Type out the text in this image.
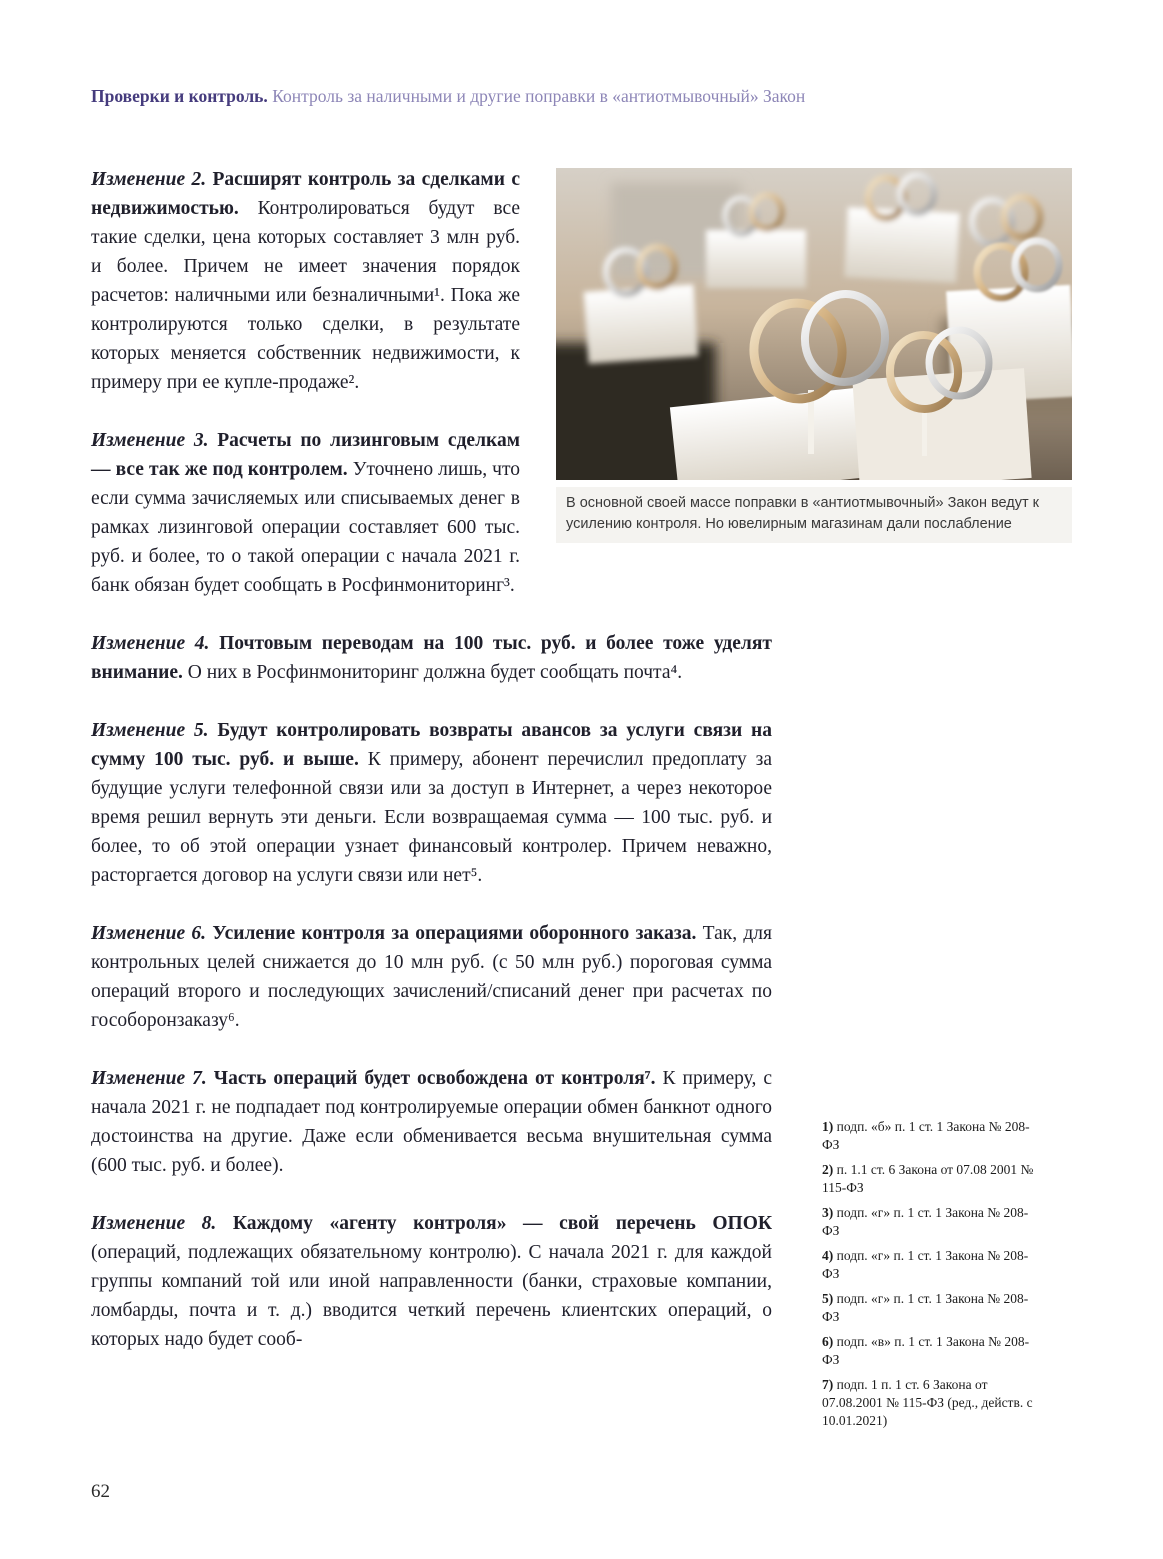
Проверки и контроль. Контроль за наличными и другие поправки в «антиотмывочный» Закон
В основной своей массе поправки в «антиотмывочный» Закон ведут к усилению контроля. Но ювелирным магазинам дали послабление

Изменение 2. Расширят контроль за сделками с недвижимостью. Контролироваться будут все такие сделки, цена которых составляет 3 млн руб. и более. Причем не имеет значения порядок расчетов: наличными или безналичными¹. Пока же контролируются только сделки, в результате которых меняется собственник недвижимости, к примеру при ее купле-продаже².

Изменение 3. Расчеты по лизинговым сделкам — все так же под контролем. Уточнено лишь, что если сумма зачисляемых или списываемых денег в рамках лизинговой операции составляет 600 тыс. руб. и более, то о такой операции с начала 2021 г. банк обязан будет сообщать в Росфинмониторинг³.

Изменение 4. Почтовым переводам на 100 тыс. руб. и более тоже уделят внимание. О них в Росфинмониторинг должна будет сообщать почта⁴.

Изменение 5. Будут контролировать возвраты авансов за услуги связи на сумму 100 тыс. руб. и выше. К примеру, абонент перечислил предоплату за будущие услуги телефонной связи или за доступ в Интернет, а через некоторое время решил вернуть эти деньги. Если возвращаемая сумма — 100 тыс. руб. и более, то об этой операции узнает финансовый контролер. Причем неважно, расторгается договор на услуги связи или нет⁵.

Изменение 6. Усиление контроля за операциями оборонного заказа. Так, для контрольных целей снижается до 10 млн руб. (с 50 млн руб.) пороговая сумма операций второго и последующих зачислений/списаний денег при расчетах по гособоронзаказу⁶.

Изменение 7. Часть операций будет освобождена от контроля⁷. К примеру, с начала 2021 г. не подпадает под контролируемые операции обмен банкнот одного достоинства на другие. Даже если обменивается весьма внушительная сумма (600 тыс. руб. и более).

Изменение 8. Каждому «агенту контроля» — свой перечень ОПОК (операций, подлежащих обязательному контролю). С начала 2021 г. для каждой группы компаний той или иной направленности (банки, страховые компании, ломбарды, почта и т. д.) вводится четкий перечень клиентских операций, о которых надо будет сооб-

1) подп. «б» п. 1 ст. 1 Закона № 208-ФЗ
2) п. 1.1 ст. 6 Закона от 07.08 2001 № 115-ФЗ
3) подп. «г» п. 1 ст. 1 Закона № 208-ФЗ
4) подп. «г» п. 1 ст. 1 Закона № 208-ФЗ
5) подп. «г» п. 1 ст. 1 Закона № 208-ФЗ
6) подп. «в» п. 1 ст. 1 Закона № 208-ФЗ
7) подп. 1 п. 1 ст. 6 Закона от 07.08.2001 № 115-ФЗ (ред., действ. с 10.01.2021)
62
